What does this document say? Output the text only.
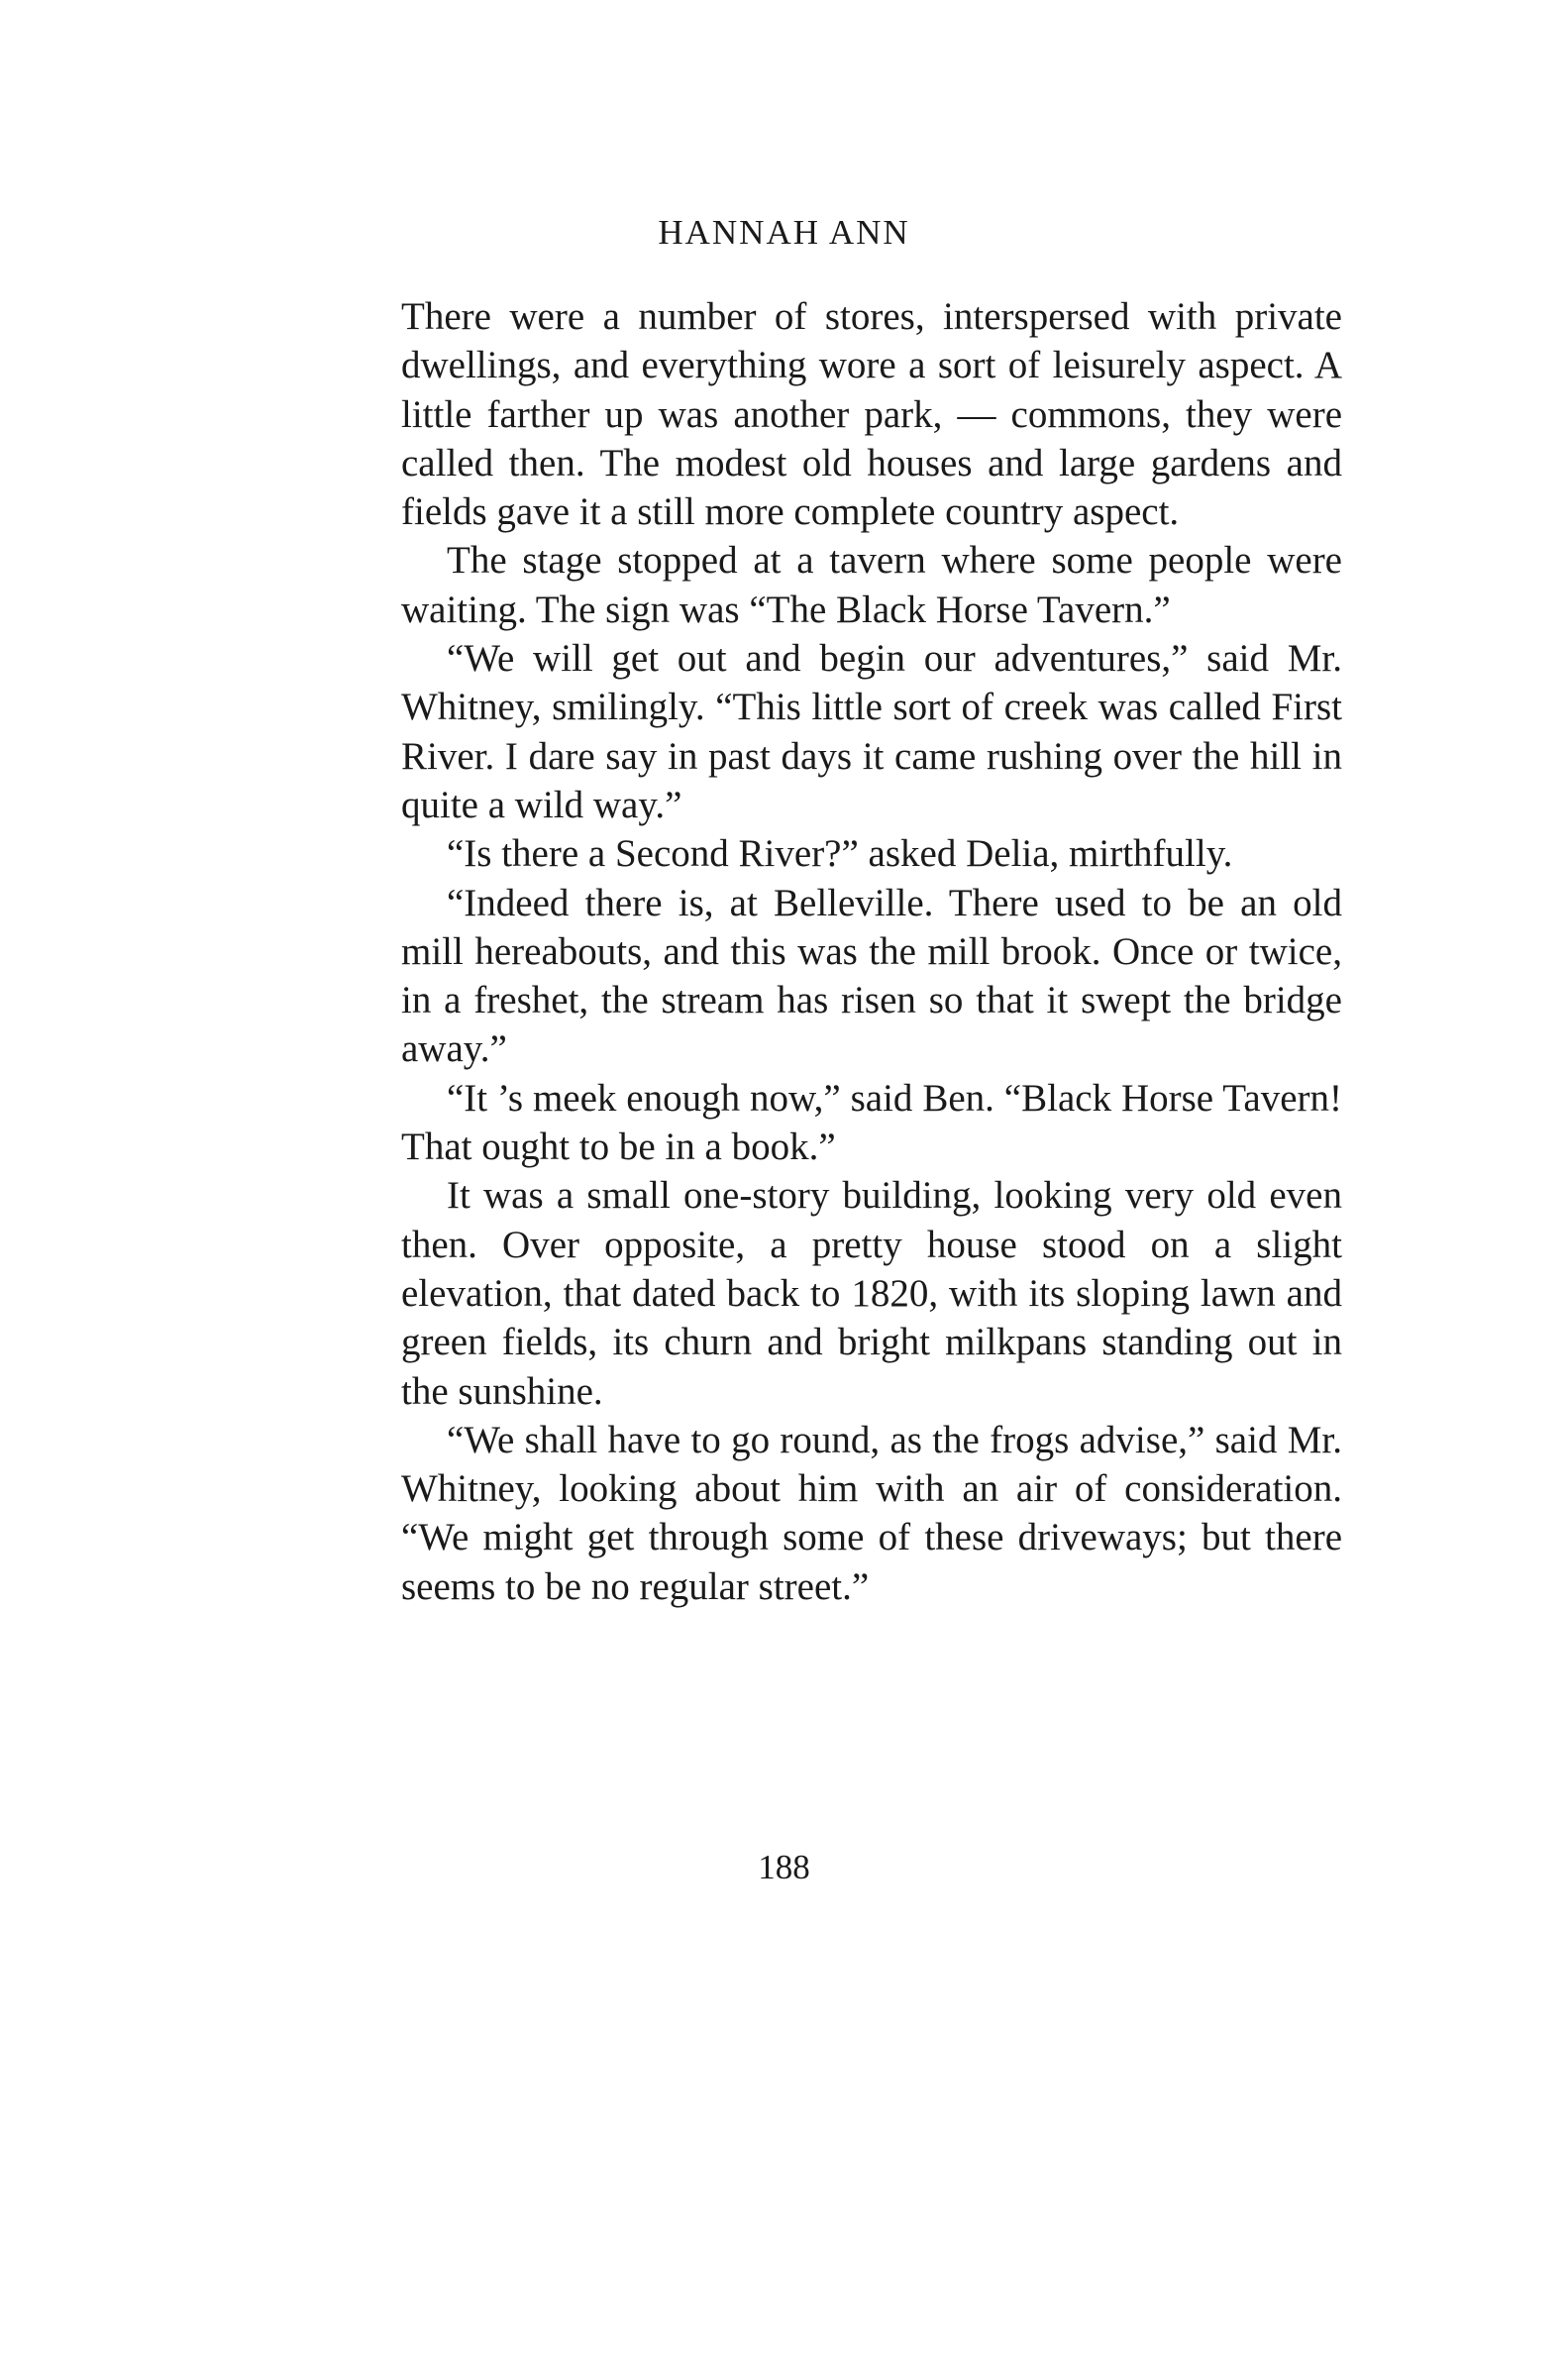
HANNAH ANN

There were a number of stores, interspersed with private dwellings, and everything wore a sort of leisurely aspect. A little farther up was another park, — commons, they were called then. The modest old houses and large gardens and fields gave it a still more complete country aspect.

The stage stopped at a tavern where some people were waiting. The sign was “The Black Horse Tavern.”

“We will get out and begin our adventures,” said Mr. Whitney, smilingly. “This little sort of creek was called First River. I dare say in past days it came rushing over the hill in quite a wild way.”

“Is there a Second River?” asked Delia, mirthfully.

“Indeed there is, at Belleville. There used to be an old mill hereabouts, and this was the mill brook. Once or twice, in a freshet, the stream has risen so that it swept the bridge away.”

“It ’s meek enough now,” said Ben. “Black Horse Tavern! That ought to be in a book.”

It was a small one-story building, looking very old even then. Over opposite, a pretty house stood on a slight elevation, that dated back to 1820, with its sloping lawn and green fields, its churn and bright milkpans standing out in the sunshine.

“We shall have to go round, as the frogs advise,” said Mr. Whitney, looking about him with an air of consideration. “We might get through some of these driveways; but there seems to be no regular street.”

188
